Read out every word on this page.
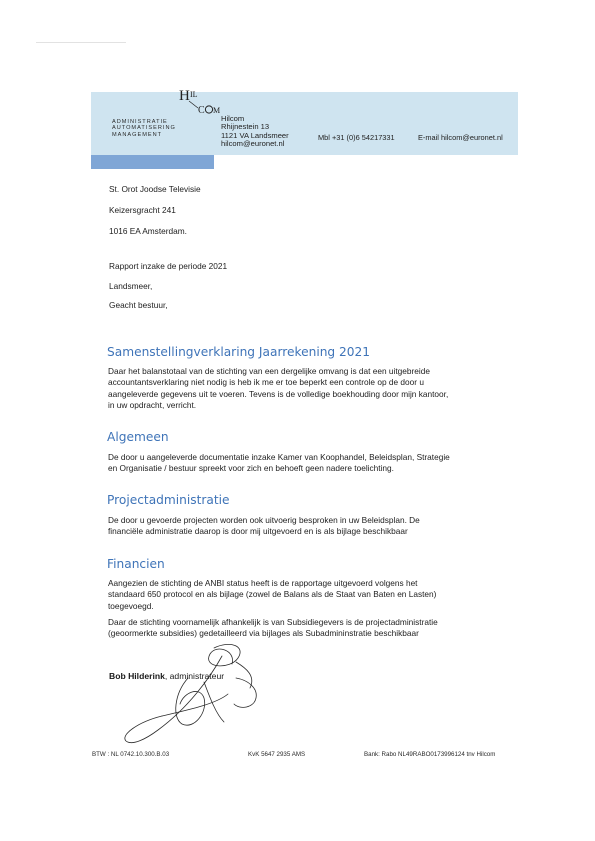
H IL
C M
ADMINISTRATIE
AUTOMATISERING
MANAGEMENT
Hilcom
Rhijnestein 13
1121 VA Landsmeer
hilcom@euronet.nl
Mbl +31 (0)6 54217331	E-mail hilcom@euronet.nl
St. Orot Joodse Televisie
Keizersgracht 241
1016 EA Amsterdam.
Rapport inzake de periode 2021
Landsmeer,
Geacht bestuur,
Samenstellingverklaring Jaarrekening 2021
Daar het balanstotaal van de stichting van een dergelijke omvang is dat een uitgebreide
accountantsverklaring niet nodig is heb ik me er toe beperkt een controle op de door u
aangeleverde gegevens uit te voeren. Tevens is de volledige boekhouding door mijn kantoor,
in uw opdracht, verricht.
Algemeen
De door u aangeleverde documentatie inzake Kamer van Koophandel, Beleidsplan, Strategie
en Organisatie / bestuur spreekt voor zich en behoeft geen nadere toelichting.
Projectadministratie
De door u gevoerde projecten worden ook uitvoerig besproken in uw Beleidsplan. De
financiële administratie daarop is door mij uitgevoerd en is als bijlage beschikbaar
Financien
Aangezien de stichting de ANBI status heeft is de rapportage uitgevoerd volgens het
standaard 650 protocol en als bijlage (zowel de Balans als de Staat van Baten en Lasten)
toegevoegd.
Daar de stichting voornamelijk afhankelijk is van Subsidiegevers is de projectadministratie
(geoormerkte subsidies) gedetailleerd via bijlages als Subadmininstratie beschikbaar
Bob Hilderink, administrateur
BTW : NL 0742.10.300.B.03	KvK 5647 2935 AMS	Bank: Rabo NL49RABO0173996124 tnv Hilcom
